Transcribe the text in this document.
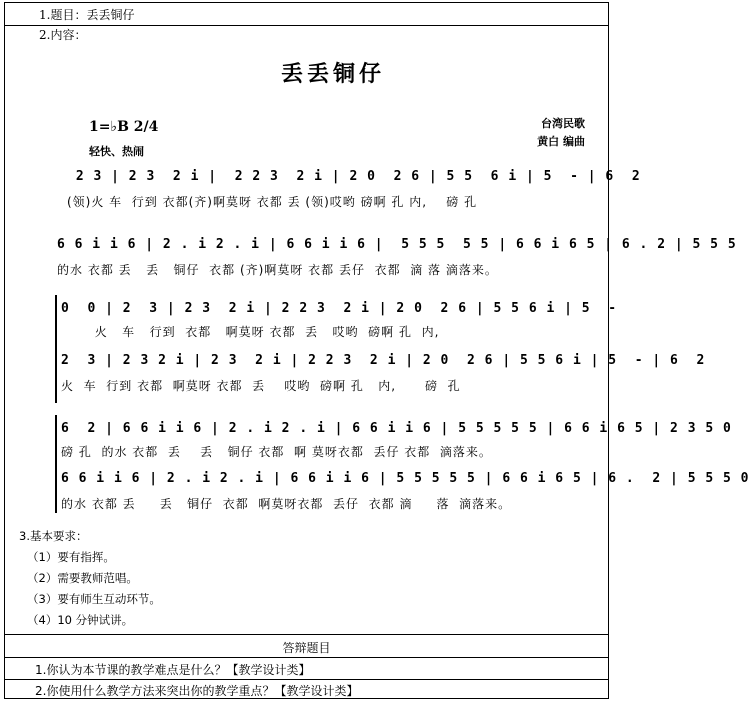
1.题目：丢丢铜仔
2.内容：
丢丢铜仔
1=♭B 2/4
轻快、热闹
台湾民歌
黄白 编曲
2 3 | 2 3  2 i |  2 2 3  2 i | 2 0  2 6 | 5 5  6 i | 5  - | 6  2
(领)火 车  行到 衣都(齐)啊莫呀 衣都 丢 (领)哎哟 磅啊 孔 内,    磅 孔
6 6 i i 6 | 2 . i 2 . i | 6 6 i i 6 |  5 5 5  5 5 | 6 6 i 6 5 | 6 . 2 | 5 5 5
的水 衣都 丢   丢   铜仔  衣都 (齐)啊莫呀 衣都 丢仔  衣都  滴 落 滴落来。
0  0 | 2  3 | 2 3  2 i | 2 2 3  2 i | 2 0  2 6 | 5 5 6 i | 5  -
火   车   行到  衣都   啊莫呀 衣都  丢   哎哟  磅啊 孔  内,
2  3 | 2 3 2 i | 2 3  2 i | 2 2 3  2 i | 2 0  2 6 | 5 5 6 i | 5  - | 6  2
火  车  行到 衣都  啊莫呀 衣都  丢    哎哟  磅啊 孔   内,      磅  孔
6  2 | 6 6 i i 6 | 2 . i 2 . i | 6 6 i i 6 | 5 5 5 5 5 | 6 6 i 6 5 | 2 3 5 0
磅 孔  的水 衣都  丢    丢   铜仔 衣都  啊 莫呀衣都  丢仔 衣都  滴落来。
6 6 i i 6 | 2 . i 2 . i | 6 6 i i 6 | 5 5 5 5 5 | 6 6 i 6 5 | 6 .  2 | 5 5 5 0
的水 衣都 丢     丢   铜仔  衣都  啊莫呀衣都  丢仔  衣都 滴     落  滴落来。
3.基本要求：
（1）要有指挥。
（2）需要教师范唱。
（3）要有师生互动环节。
（4）10 分钟试讲。
答辩题目
1.你认为本节课的教学难点是什么？【教学设计类】
2.你使用什么教学方法来突出你的教学重点？【教学设计类】
